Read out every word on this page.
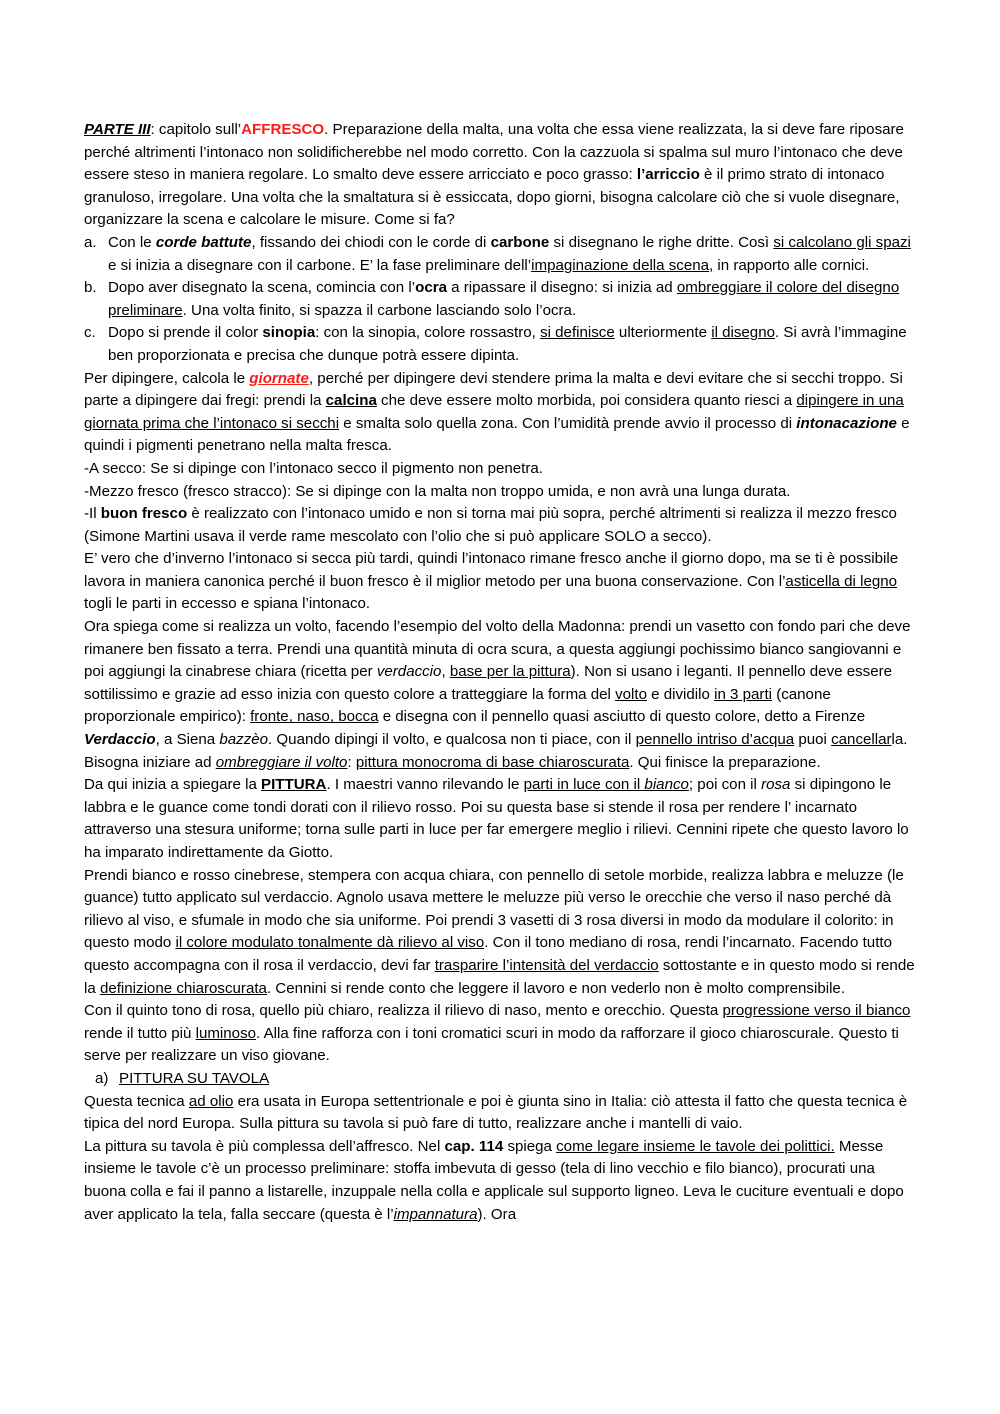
PARTE III: capitolo sull’AFFRESCO. Preparazione della malta, una volta che essa viene realizzata, la si deve fare riposare perché altrimenti l’intonaco non solidificherebbe nel modo corretto. Con la cazzuola si spalma sul muro l’intonaco che deve essere steso in maniera regolare. Lo smalto deve essere arricciato e poco grasso: l’arriccio è il primo strato di intonaco granuloso, irregolare. Una volta che la smaltatura si è essiccata, dopo giorni, bisogna calcolare ciò che si vuole disegnare, organizzare la scena e calcolare le misure. Come si fa?

a. Con le corde battute, fissando dei chiodi con le corde di carbone si disegnano le righe dritte. Così si calcolano gli spazi e si inizia a disegnare con il carbone. E’ la fase preliminare dell’impaginazione della scena, in rapporto alle cornici.
b. Dopo aver disegnato la scena, comincia con l’ocra a ripassare il disegno: si inizia ad ombreggiare il colore del disegno preliminare. Una volta finito, si spazza il carbone lasciando solo l’ocra.
c. Dopo si prende il color sinopia: con la sinopia, colore rossastro, si definisce ulteriormente il disegno. Si avrà l’immagine ben proporzionata e precisa che dunque potrà essere dipinta.

Per dipingere, calcola le giornate, perché per dipingere devi stendere prima la malta e devi evitare che si secchi troppo. Si parte a dipingere dai fregi: prendi la calcina che deve essere molto morbida, poi considera quanto riesci a dipingere in una giornata prima che l’intonaco si secchi e smalta solo quella zona. Con l’umidità prende avvio il processo di intonacazione e quindi i pigmenti penetrano nella malta fresca.

-A secco: Se si dipinge con l’intonaco secco il pigmento non penetra.

-Mezzo fresco (fresco stracco): Se si dipinge con la malta non troppo umida, e non avrà una lunga durata.

-Il buon fresco è realizzato con l’intonaco umido e non si torna mai più sopra, perché altrimenti si realizza il mezzo fresco (Simone Martini usava il verde rame mescolato con l’olio che si può applicare SOLO a secco).

E’ vero che d’inverno l’intonaco si secca più tardi, quindi l’intonaco rimane fresco anche il giorno dopo, ma se ti è possibile lavora in maniera canonica perché il buon fresco è il miglior metodo per una buona conservazione. Con l’asticella di legno togli le parti in eccesso e spiana l’intonaco.

Ora spiega come si realizza un volto, facendo l’esempio del volto della Madonna: prendi un vasetto con fondo pari che deve rimanere ben fissato a terra. Prendi una quantità minuta di ocra scura, a questa aggiungi pochissimo bianco sangiovanni e poi aggiungi la cinabrese chiara (ricetta per verdaccio, base per la pittura). Non si usano i leganti. Il pennello deve essere sottilissimo e grazie ad esso inizia con questo colore a tratteggiare la forma del volto e dividilo in 3 parti (canone proporzionale empirico): fronte, naso, bocca e disegna con il pennello quasi asciutto di questo colore, detto a Firenze Verdaccio, a Siena bazzèo. Quando dipingi il volto, e qualcosa non ti piace, con il pennello intriso d’acqua puoi cancellarla. Bisogna iniziare ad ombreggiare il volto: pittura monocroma di base chiaroscurata. Qui finisce la preparazione.

Da qui inizia a spiegare la PITTURA. I maestri vanno rilevando le parti in luce con il bianco; poi con il rosa si dipingono le labbra e le guance come tondi dorati con il rilievo rosso. Poi su questa base si stende il rosa per rendere l’ incarnato attraverso una stesura uniforme; torna sulle parti in luce per far emergere meglio i rilievi. Cennini ripete che questo lavoro lo ha imparato indirettamente da Giotto.

Prendi bianco e rosso cinebrese, stempera con acqua chiara, con pennello di setole morbide, realizza labbra e meluzze (le guance) tutto applicato sul verdaccio. Agnolo usava mettere le meluzze più verso le orecchie che verso il naso perché dà rilievo al viso, e sfumale in modo che sia uniforme. Poi prendi 3 vasetti di 3 rosa diversi in modo da modulare il colorito: in questo modo il colore modulato tonalmente dà rilievo al viso. Con il tono mediano di rosa, rendi l’incarnato. Facendo tutto questo accompagna con il rosa il verdaccio, devi far trasparire l’intensità del verdaccio sottostante e in questo modo si rende la definizione chiaroscurata. Cennini si rende conto che leggere il lavoro e non vederlo non è molto comprensibile.

Con il quinto tono di rosa, quello più chiaro, realizza il rilievo di naso, mento e orecchio. Questa progressione verso il bianco rende il tutto più luminoso. Alla fine rafforza con i toni cromatici scuri in modo da rafforzare il gioco chiaroscurale. Questo ti serve per realizzare un viso giovane.

a) PITTURA SU TAVOLA

Questa tecnica ad olio era usata in Europa settentrionale e poi è giunta sino in Italia: ciò attesta il fatto che questa tecnica è tipica del nord Europa. Sulla pittura su tavola si può fare di tutto, realizzare anche i mantelli di vaio.

La pittura su tavola è più complessa dell’affresco. Nel cap. 114 spiega come legare insieme le tavole dei polittici. Messe insieme le tavole c’è un processo preliminare: stoffa imbevuta di gesso (tela di lino vecchio e filo bianco), procurati una buona colla e fai il panno a listarelle, inzuppale nella colla e applicale sul supporto ligneo. Leva le cuciture eventuali e dopo aver applicato la tela, falla seccare (questa è l’impannatura). Ora
